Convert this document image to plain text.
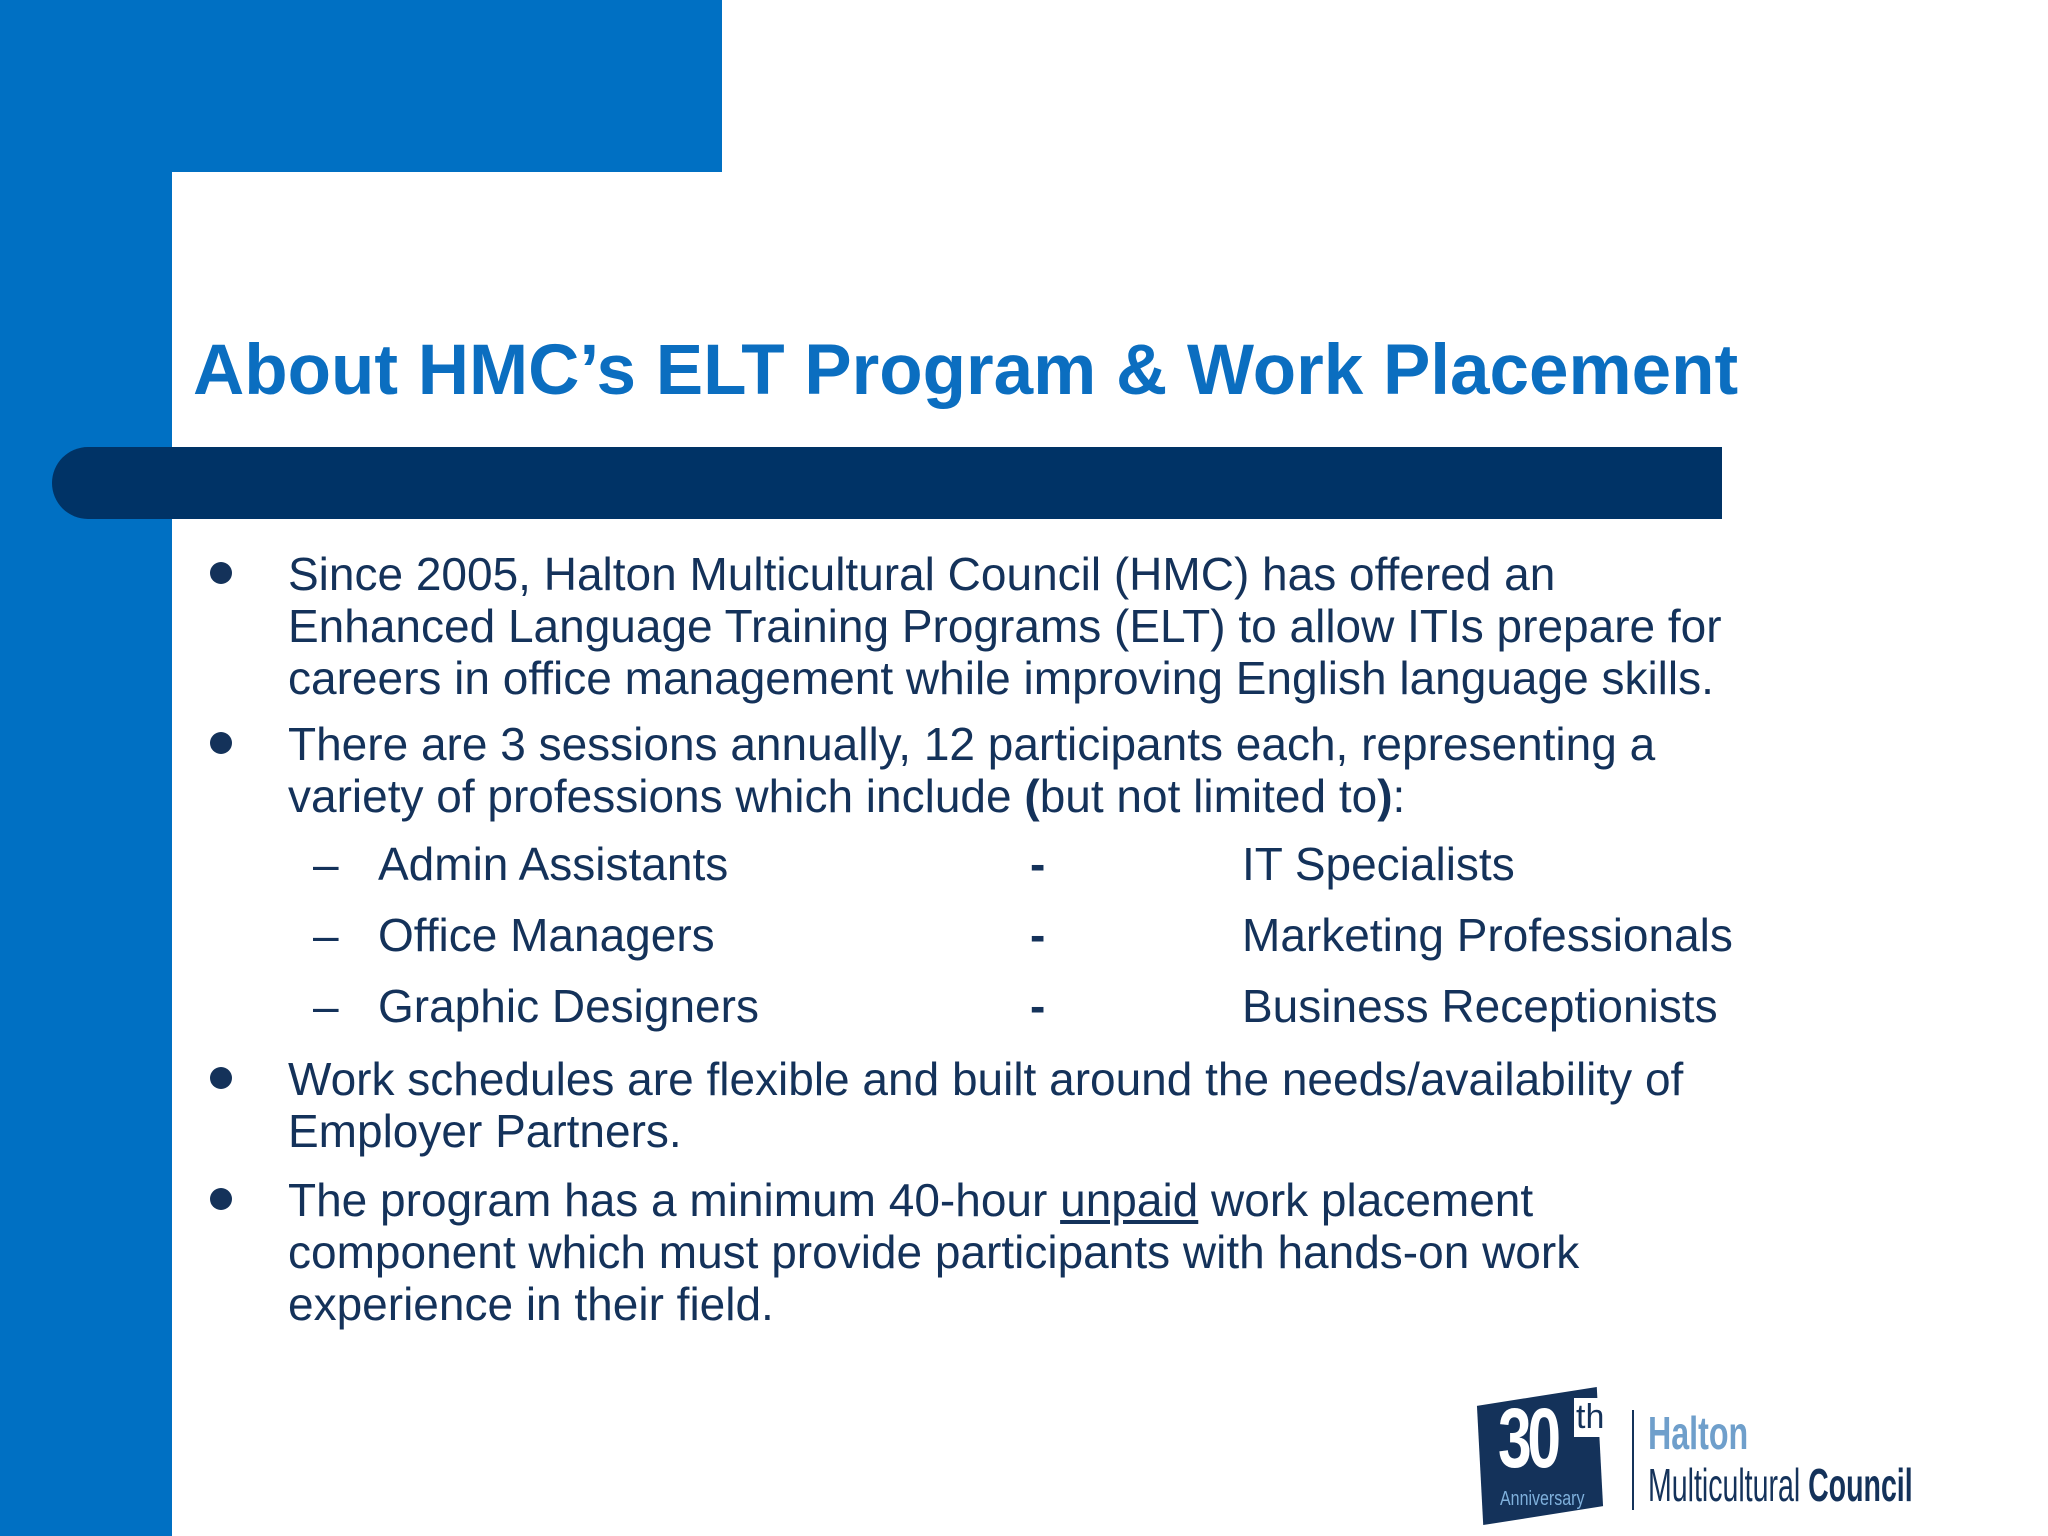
About HMC’s ELT Program & Work Placement
Since 2005, Halton Multicultural Council (HMC) has offered an
Enhanced Language Training Programs (ELT) to allow ITIs prepare for
careers in office management while improving English language skills.
There are 3 sessions annually, 12 participants each, representing a
variety of professions which include (but not limited to):
– Admin Assistants	-	IT Specialists
– Office Managers	-	Marketing Professionals
– Graphic Designers	-	Business Receptionists
Work schedules are flexible and built around the needs/availability of
Employer Partners.
The program has a minimum 40-hour unpaid work placement
component which must provide participants with hands-on work
experience in their field.
30 th
Anniversary
Halton
Multicultural Council
